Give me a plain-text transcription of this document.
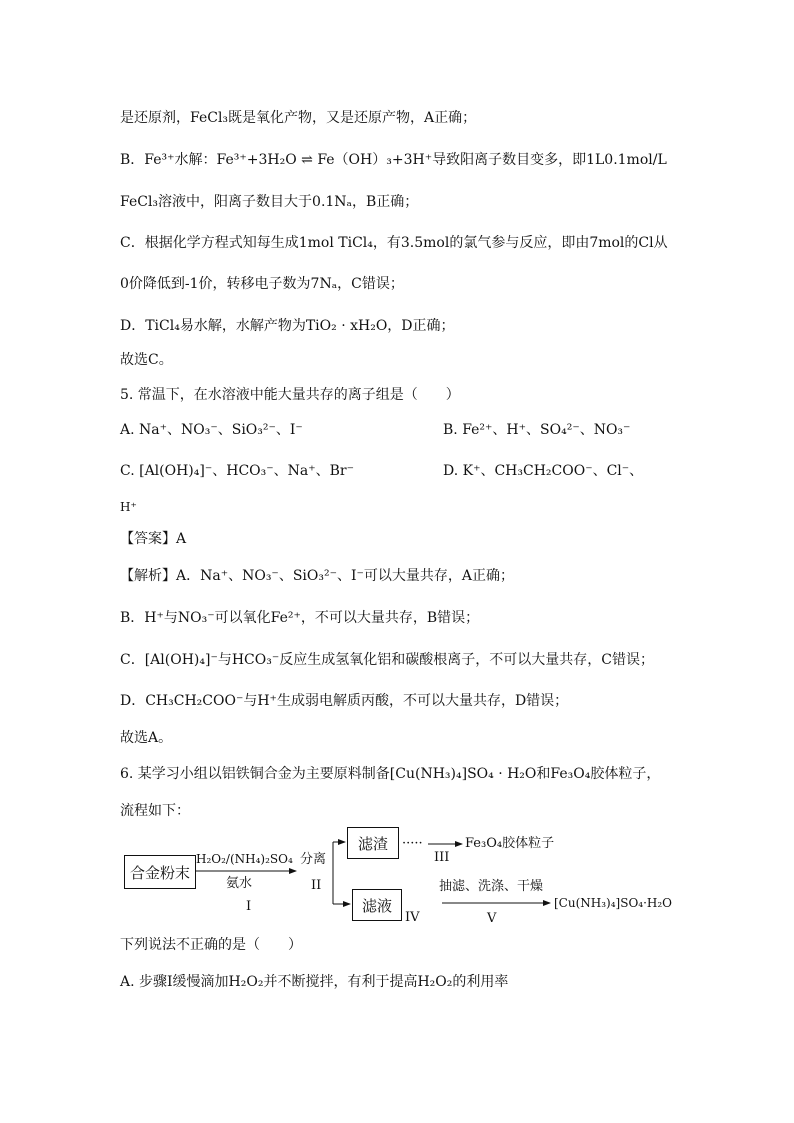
是还原剂，FeCl₃既是氧化产物，又是还原产物，A正确；
B．Fe³⁺水解：Fe³⁺+3H₂O ⇌ Fe（OH）₃+3H⁺导致阳离子数目变多，即1L0.1mol/L
FeCl₃溶液中，阳离子数目大于0.1Nₐ，B正确；
C．根据化学方程式知每生成1mol TiCl₄，有3.5mol的氯气参与反应，即由7mol的Cl从
0价降低到-1价，转移电子数为7Nₐ，C错误；
D．TiCl₄易水解，水解产物为TiO₂ · xH₂O，D正确；
故选C。
5. 常温下，在水溶液中能大量共存的离子组是（　　）
A. Na⁺、NO₃⁻、SiO₃²⁻、I⁻	B. Fe²⁺、H⁺、SO₄²⁻、NO₃⁻
C. [Al(OH)₄]⁻、HCO₃⁻、Na⁺、Br⁻	D. K⁺、CH₃CH₂COO⁻、Cl⁻、
H⁺
【答案】A
【解析】A．Na⁺、NO₃⁻、SiO₃²⁻、I⁻可以大量共存，A正确；
B．H⁺与NO₃⁻可以氧化Fe²⁺，不可以大量共存，B错误；
C．[Al(OH)₄]⁻与HCO₃⁻反应生成氢氧化铝和碳酸根离子，不可以大量共存，C错误；
D．CH₃CH₂COO⁻与H⁺生成弱电解质丙酸，不可以大量共存，D错误；
故选A。
6. 某学习小组以铝铁铜合金为主要原料制备[Cu(NH₃)₄]SO₄ · H₂O和Fe₃O₄胶体粒子，
流程如下：
合金粉末
H₂O₂/(NH₄)₂SO₄
氨水
I
分离
II
滤渣	·····
III
Fe₃O₄胶体粒子
滤液
IV
抽滤、洗涤、干燥
V
[Cu(NH₃)₄]SO₄·H₂O
下列说法不正确的是（　　）
A. 步骤Ⅰ缓慢滴加H₂O₂并不断搅拌，有利于提高H₂O₂的利用率
